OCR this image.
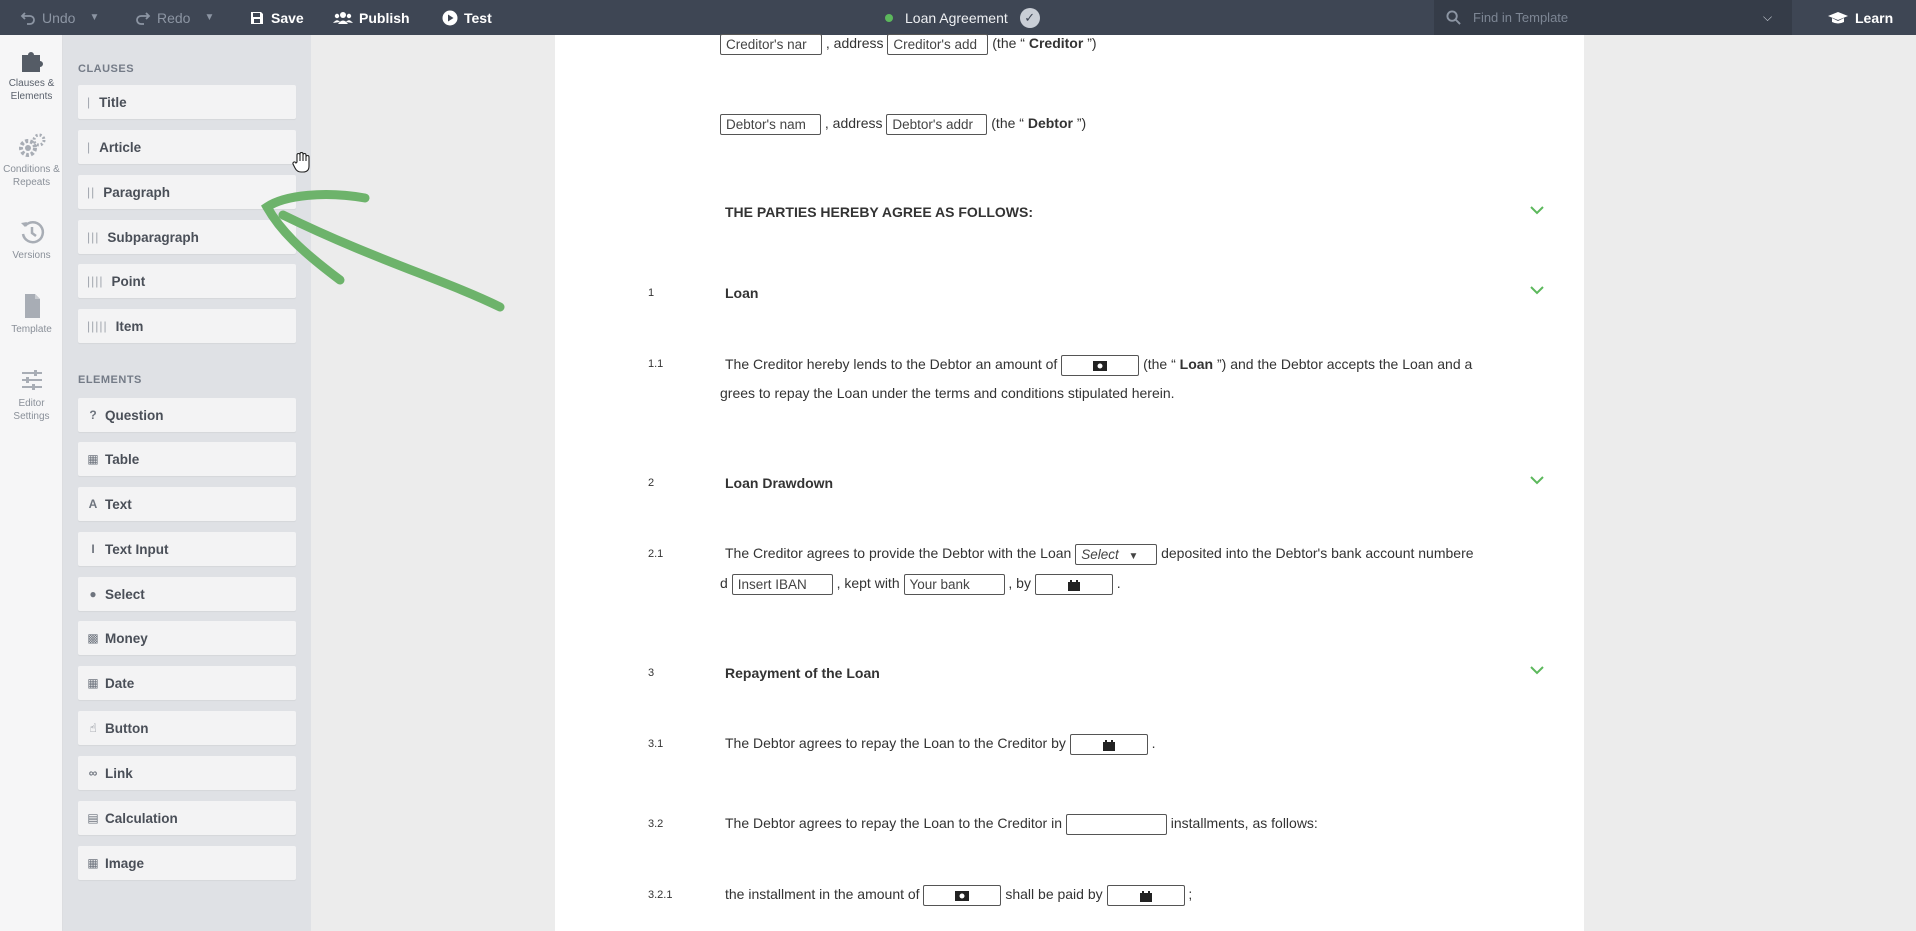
Undo ▼	Redo ▼	Save	Publish	Test	Loan Agreement	✓
Find in Template	⌵	Learn
Clauses &
Elements
Conditions &
Repeats
Versions
Template
Editor
Settings
CLAUSES
| Title
| Article
|| Paragraph
||| Subparagraph
|||| Point
||||| Item
ELEMENTS
? Question
▦ Table
A Text
I Text Input
● Select
▩ Money
▦ Date
☝ Button
∞ Link
▤ Calculation
▦ Image
Creditor's nar , address Creditor's add (the “ Creditor ”)
Debtor's nam , address Debtor's addr (the “ Debtor ”)
THE PARTIES HEREBY AGREE AS FOLLOWS:
1	Loan
1.1	The Creditor hereby lends to the Debtor an amount of	(the “ Loan ”) and the Debtor accepts the Loan and a
grees to repay the Loan under the terms and conditions stipulated herein.
2	Loan Drawdown
2.1	The Creditor agrees to provide the Debtor with the Loan Select ▼ deposited into the Debtor's bank account numbere
d Insert IBAN , kept with Your bank	, by	.
3	Repayment of the Loan
3.1	The Debtor agrees to repay the Loan to the Creditor by	.
3.2	The Debtor agrees to repay the Loan to the Creditor in	installments, as follows:
3.2.1	the installment in the amount of	shall be paid by	;
